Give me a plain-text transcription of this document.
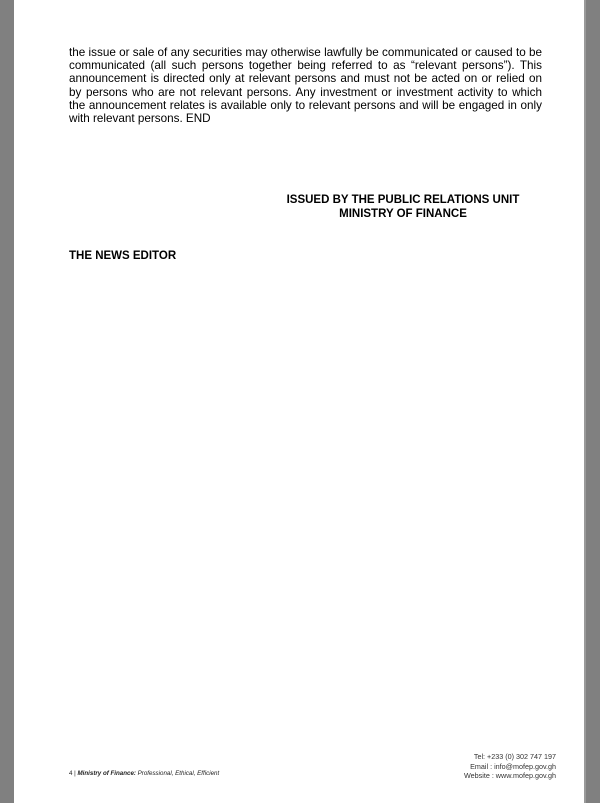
the issue or sale of any securities may otherwise lawfully be communicated or caused to be communicated (all such persons together being referred to as “relevant persons”). This announcement is directed only at relevant persons and must not be acted on or relied on by persons who are not relevant persons. Any investment or investment activity to which the announcement relates is available only to relevant persons and will be engaged in only with relevant persons. END
ISSUED BY THE PUBLIC RELATIONS UNIT
MINISTRY OF FINANCE
THE NEWS EDITOR
4 | Ministry of Finance: Professional, Ethical, Efficient
Tel: +233 (0) 302 747 197
Email : info@mofep.gov.gh
Website : www.mofep.gov.gh
